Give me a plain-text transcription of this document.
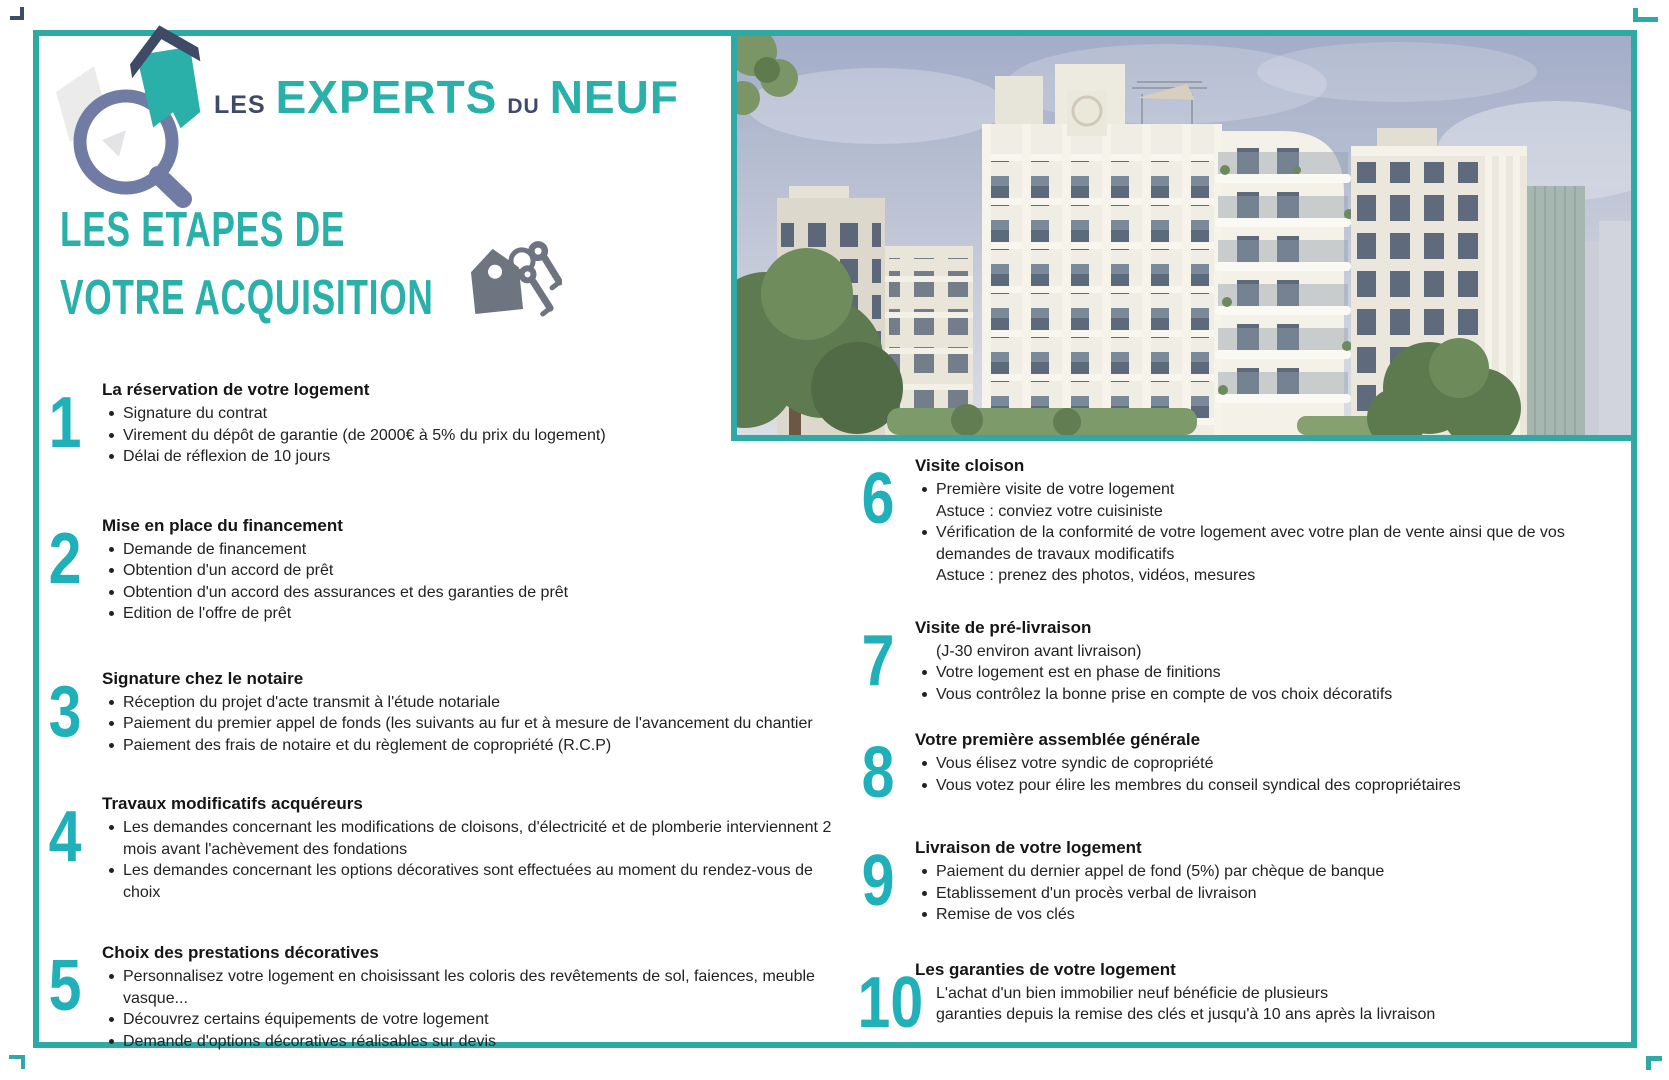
LES EXPERTS DU NEUF
LES ETAPES DE
VOTRE ACQUISITION
1 La réservation de votre logement
Signature du contrat
Virement du dépôt de garantie (de 2000€ à 5% du prix du logement)
Délai de réflexion de 10 jours
2 Mise en place du financement
Demande de financement
Obtention d'un accord de prêt
Obtention d'un accord des assurances et des garanties de prêt
Edition de l'offre de prêt
3 Signature chez le notaire
Réception du projet d'acte transmit à l'étude notariale
Paiement du premier appel de fonds (les suivants au fur et à mesure de l'avancement du chantier
Paiement des frais de notaire et du règlement de copropriété (R.C.P)
4 Travaux modificatifs acquéreurs
Les demandes concernant les modifications de cloisons, d'électricité et de plomberie interviennent 2 mois avant l'achèvement des fondations
Les demandes concernant les options décoratives sont effectuées au moment du rendez-vous de choix
5 Choix des prestations décoratives
Personnalisez votre logement en choisissant les coloris des revêtements de sol, faiences, meuble vasque...
Découvrez certains équipements de votre logement
Demande d'options décoratives réalisables sur devis
6 Visite cloison
Première visite de votre logement
Astuce : conviez votre cuisiniste
Vérification de la conformité de votre logement avec votre plan de vente ainsi que de vos demandes de travaux modificatifs
Astuce : prenez des photos, vidéos, mesures
7 Visite de pré-livraison
(J-30 environ avant livraison)
Votre logement est en phase de finitions
Vous contrôlez la bonne prise en compte de vos choix décoratifs
8 Votre première assemblée générale
Vous élisez votre syndic de copropriété
Vous votez pour élire les membres du conseil syndical des copropriétaires
9 Livraison de votre logement
Paiement du dernier appel de fond (5%) par chèque de banque
Etablissement d'un procès verbal de livraison
Remise de vos clés
10
Les garanties de votre logement
L'achat d'un bien immobilier neuf bénéficie de plusieurs
garanties depuis la remise des clés et jusqu'à 10 ans après la livraison
